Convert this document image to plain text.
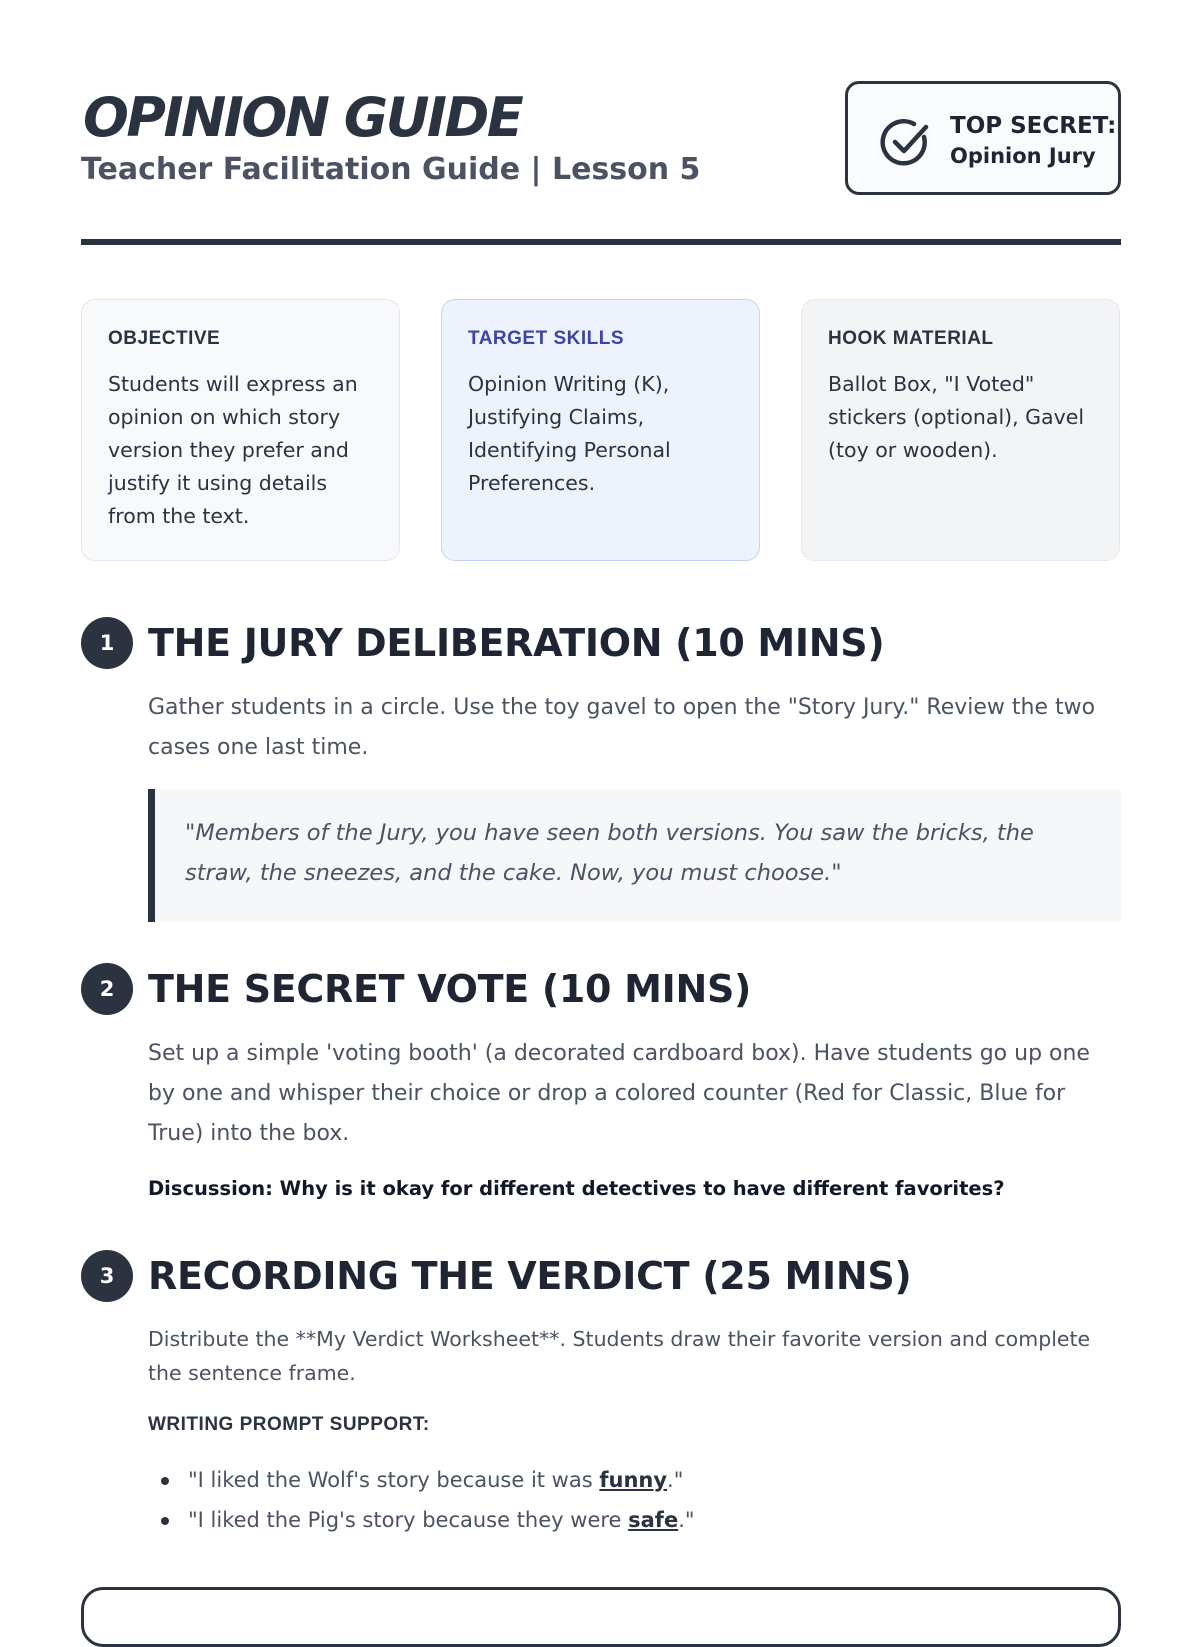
OPINION GUIDE
Teacher Facilitation Guide | Lesson 5
TOP SECRET:
Opinion Jury

OBJECTIVE

Students will express an opinion on which story version they prefer and justify it using details from the text.

TARGET SKILLS

Opinion Writing (K), Justifying Claims, Identifying Personal Preferences.

HOOK MATERIAL

Ballot Box, "I Voted" stickers (optional), Gavel (toy or wooden).

1 THE JURY DELIBERATION (10 MINS)

Gather students in a circle. Use the toy gavel to open the "Story Jury." Review the two cases one last time.

"Members of the Jury, you have seen both versions. You saw the bricks, the straw, the sneezes, and the cake. Now, you must choose."

2 THE SECRET VOTE (10 MINS)

Set up a simple 'voting booth' (a decorated cardboard box). Have students go up one by one and whisper their choice or drop a colored counter (Red for Classic, Blue for True) into the box.

Discussion: Why is it okay for different detectives to have different favorites?

3 RECORDING THE VERDICT (25 MINS)

Distribute the **My Verdict Worksheet**. Students draw their favorite version and complete the sentence frame.

WRITING PROMPT SUPPORT:

"I liked the Wolf's story because it was funny."
"I liked the Pig's story because they were safe."
